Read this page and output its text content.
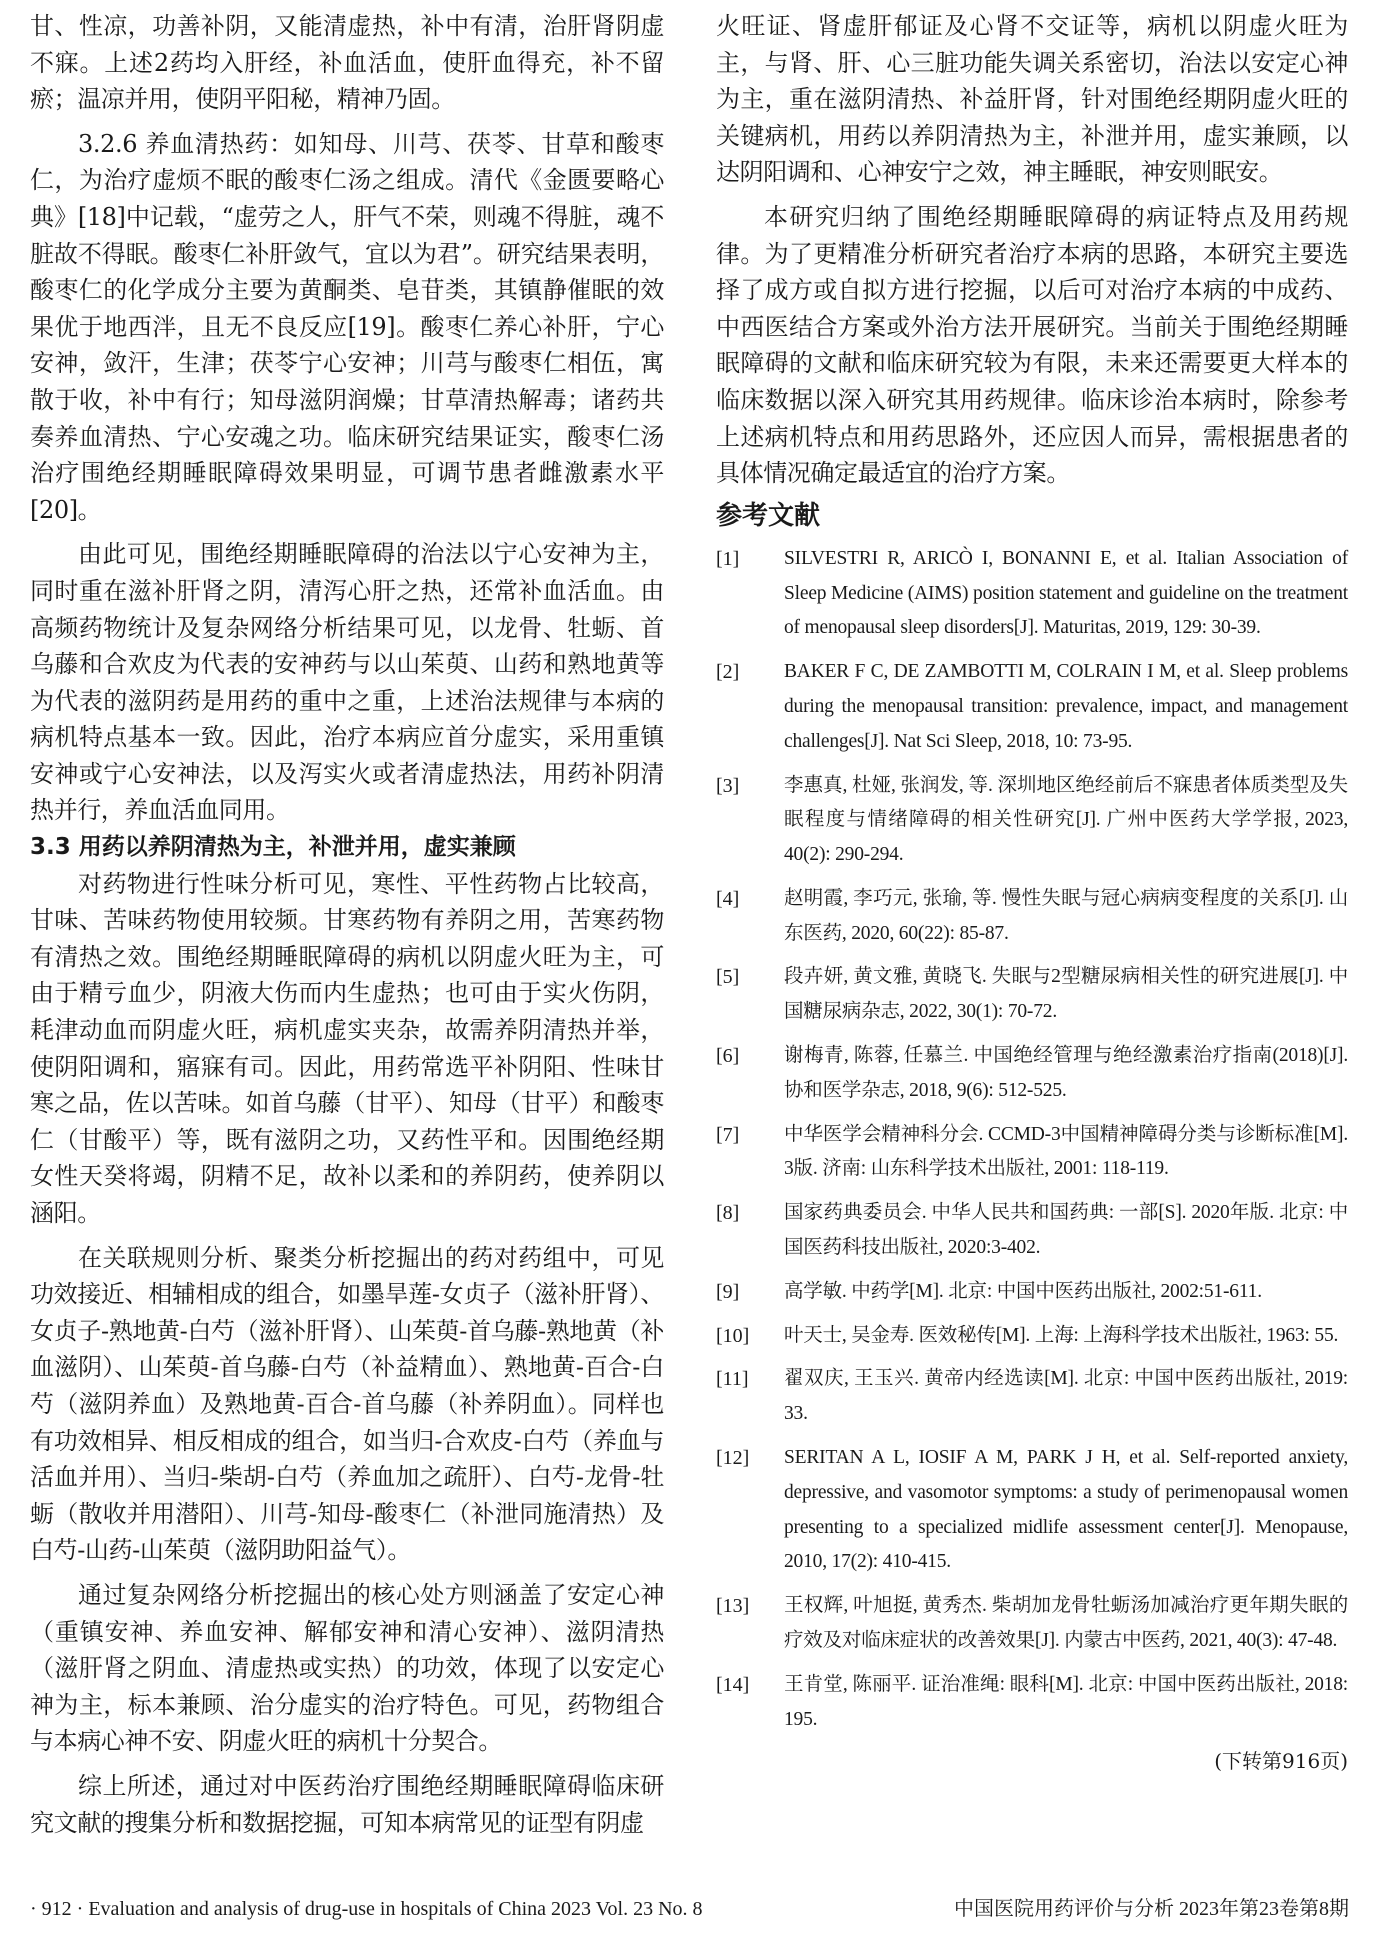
甘、性凉，功善补阴，又能清虚热，补中有清，治肝肾阴虚不寐。上述2药均入肝经，补血活血，使肝血得充，补不留瘀；温凉并用，使阴平阳秘，精神乃固。

3.2.6 养血清热药：如知母、川芎、茯苓、甘草和酸枣仁，为治疗虚烦不眠的酸枣仁汤之组成。清代《金匮要略心典》[18]中记载，“虚劳之人，肝气不荣，则魂不得脏，魂不脏故不得眠。酸枣仁补肝敛气，宜以为君”。研究结果表明，酸枣仁的化学成分主要为黄酮类、皂苷类，其镇静催眠的效果优于地西泮，且无不良反应[19]。酸枣仁养心补肝，宁心安神，敛汗，生津；茯苓宁心安神；川芎与酸枣仁相伍，寓散于收，补中有行；知母滋阴润燥；甘草清热解毒；诸药共奏养血清热、宁心安魂之功。临床研究结果证实，酸枣仁汤治疗围绝经期睡眠障碍效果明显，可调节患者雌激素水平[20]。

由此可见，围绝经期睡眠障碍的治法以宁心安神为主，同时重在滋补肝肾之阴，清泻心肝之热，还常补血活血。由高频药物统计及复杂网络分析结果可见，以龙骨、牡蛎、首乌藤和合欢皮为代表的安神药与以山茱萸、山药和熟地黄等为代表的滋阴药是用药的重中之重，上述治法规律与本病的病机特点基本一致。因此，治疗本病应首分虚实，采用重镇安神或宁心安神法，以及泻实火或者清虚热法，用药补阴清热并行，养血活血同用。

3.3 用药以养阴清热为主，补泄并用，虚实兼顾

对药物进行性味分析可见，寒性、平性药物占比较高，甘味、苦味药物使用较频。甘寒药物有养阴之用，苦寒药物有清热之效。围绝经期睡眠障碍的病机以阴虚火旺为主，可由于精亏血少，阴液大伤而内生虚热；也可由于实火伤阴，耗津动血而阴虚火旺，病机虚实夹杂，故需养阴清热并举，使阴阳调和，寤寐有司。因此，用药常选平补阴阳、性味甘寒之品，佐以苦味。如首乌藤（甘平）、知母（甘平）和酸枣仁（甘酸平）等，既有滋阴之功，又药性平和。因围绝经期女性天癸将竭，阴精不足，故补以柔和的养阴药，使养阴以涵阳。

在关联规则分析、聚类分析挖掘出的药对药组中，可见功效接近、相辅相成的组合，如墨旱莲-女贞子（滋补肝肾）、女贞子-熟地黄-白芍（滋补肝肾）、山茱萸-首乌藤-熟地黄（补血滋阴）、山茱萸-首乌藤-白芍（补益精血）、熟地黄-百合-白芍（滋阴养血）及熟地黄-百合-首乌藤（补养阴血）。同样也有功效相异、相反相成的组合，如当归-合欢皮-白芍（养血与活血并用）、当归-柴胡-白芍（养血加之疏肝）、白芍-龙骨-牡蛎（散收并用潜阳）、川芎-知母-酸枣仁（补泄同施清热）及白芍-山药-山茱萸（滋阴助阳益气）。

通过复杂网络分析挖掘出的核心处方则涵盖了安定心神（重镇安神、养血安神、解郁安神和清心安神）、滋阴清热（滋肝肾之阴血、清虚热或实热）的功效，体现了以安定心神为主，标本兼顾、治分虚实的治疗特色。可见，药物组合与本病心神不安、阴虚火旺的病机十分契合。

综上所述，通过对中医药治疗围绝经期睡眠障碍临床研究文献的搜集分析和数据挖掘，可知本病常见的证型有阴虚

火旺证、肾虚肝郁证及心肾不交证等，病机以阴虚火旺为主，与肾、肝、心三脏功能失调关系密切，治法以安定心神为主，重在滋阴清热、补益肝肾，针对围绝经期阴虚火旺的关键病机，用药以养阴清热为主，补泄并用，虚实兼顾，以达阴阳调和、心神安宁之效，神主睡眠，神安则眠安。

本研究归纳了围绝经期睡眠障碍的病证特点及用药规律。为了更精准分析研究者治疗本病的思路，本研究主要选择了成方或自拟方进行挖掘，以后可对治疗本病的中成药、中西医结合方案或外治方法开展研究。当前关于围绝经期睡眠障碍的文献和临床研究较为有限，未来还需要更大样本的临床数据以深入研究其用药规律。临床诊治本病时，除参考上述病机特点和用药思路外，还应因人而异，需根据患者的具体情况确定最适宜的治疗方案。

参考文献
[1]	SILVESTRI R, ARICÒ I, BONANNI E, et al. Italian Association of Sleep Medicine (AIMS) position statement and guideline on the treatment of menopausal sleep disorders[J]. Maturitas, 2019, 129: 30-39.
[2]	BAKER F C, DE ZAMBOTTI M, COLRAIN I M, et al. Sleep problems during the menopausal transition: prevalence, impact, and management challenges[J]. Nat Sci Sleep, 2018, 10: 73-95.
[3]	李惠真, 杜娅, 张润发, 等. 深圳地区绝经前后不寐患者体质类型及失眠程度与情绪障碍的相关性研究[J]. 广州中医药大学学报, 2023, 40(2): 290-294.
[4]	赵明霞, 李巧元, 张瑜, 等. 慢性失眠与冠心病病变程度的关系[J]. 山东医药, 2020, 60(22): 85-87.
[5]	段卉妍, 黄文雅, 黄晓飞. 失眠与2型糖尿病相关性的研究进展[J]. 中国糖尿病杂志, 2022, 30(1): 70-72.
[6]	谢梅青, 陈蓉, 任慕兰. 中国绝经管理与绝经激素治疗指南(2018)[J]. 协和医学杂志, 2018, 9(6): 512-525.
[7]	中华医学会精神科分会. CCMD-3中国精神障碍分类与诊断标准[M]. 3版. 济南: 山东科学技术出版社, 2001: 118-119.
[8]	国家药典委员会. 中华人民共和国药典: 一部[S]. 2020年版. 北京: 中国医药科技出版社, 2020:3-402.
[9]	高学敏. 中药学[M]. 北京: 中国中医药出版社, 2002:51-611.
[10]	叶天士, 吴金寿. 医效秘传[M]. 上海: 上海科学技术出版社, 1963: 55.
[11]	翟双庆, 王玉兴. 黄帝内经选读[M]. 北京: 中国中医药出版社, 2019: 33.
[12]	SERITAN A L, IOSIF A M, PARK J H, et al. Self-reported anxiety, depressive, and vasomotor symptoms: a study of perimenopausal women presenting to a specialized midlife assessment center[J]. Menopause, 2010, 17(2): 410-415.
[13]	王权辉, 叶旭挺, 黄秀杰. 柴胡加龙骨牡蛎汤加减治疗更年期失眠的疗效及对临床症状的改善效果[J]. 内蒙古中医药, 2021, 40(3): 47-48.
[14]	王肯堂, 陈丽平. 证治准绳: 眼科[M]. 北京: 中国中医药出版社, 2018: 195.
(下转第916页)
· 912 · Evaluation and analysis of drug-use in hospitals of China 2023 Vol. 23 No. 8	中国医院用药评价与分析 2023年第23卷第8期
